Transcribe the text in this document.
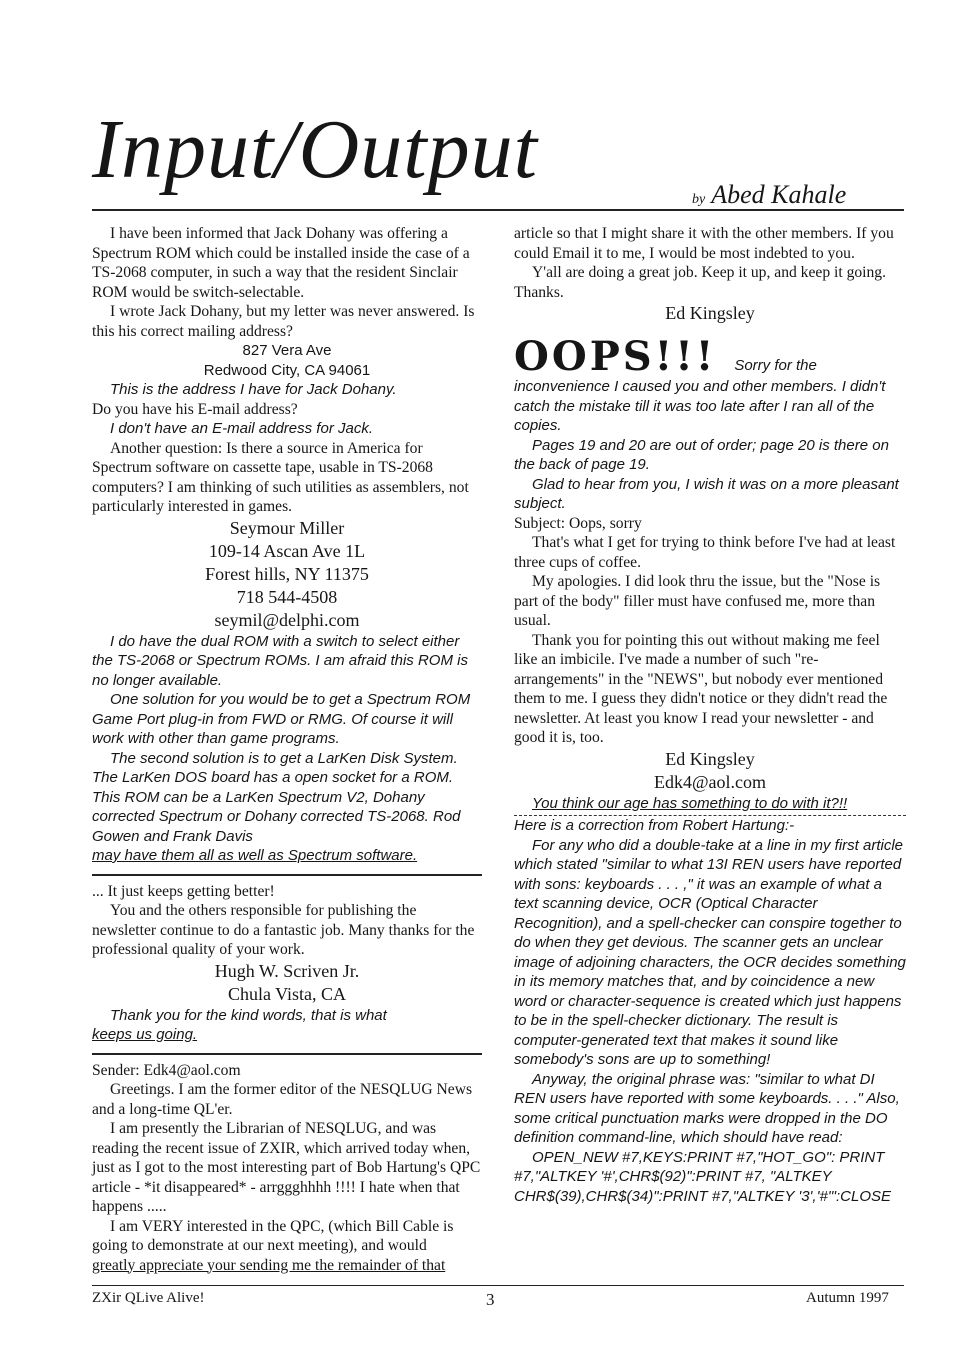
Input/Output
by Abed Kahale

I have been informed that Jack Dohany was offering a Spectrum ROM which could be installed inside the case of a TS-2068 computer, in such a way that the resident Sinclair ROM would be switch-selectable.

I wrote Jack Dohany, but my letter was never answered. Is this his correct mailing address?

827 Vera Ave

Redwood City, CA 94061

This is the address I have for Jack Dohany.

Do you have his E-mail address?

I don't have an E-mail address for Jack.

Another question: Is there a source in America for Spectrum software on cassette tape, usable in TS-2068 computers? I am thinking of such utilities as assemblers, not particularly interested in games.

Seymour Miller

109-14 Ascan Ave 1L

Forest hills, NY 11375

718 544-4508

seymil@delphi.com

I do have the dual ROM with a switch to select either the TS-2068 or Spectrum ROMs. I am afraid this ROM is no longer available.

One solution for you would be to get a Spectrum ROM Game Port plug-in from FWD or RMG. Of course it will work with other than game programs.

The second solution is to get a LarKen Disk System. The LarKen DOS board has a open socket for a ROM. This ROM can be a LarKen Spectrum V2, Dohany corrected Spectrum or Dohany corrected TS-2068. Rod Gowen and Frank Davis

may have them all as well as Spectrum software.

... It just keeps getting better!

You and the others responsible for publishing the newsletter continue to do a fantastic job. Many thanks for the professional quality of your work.

Hugh W. Scriven Jr.

Chula Vista, CA

Thank you for the kind words, that is what

keeps us going.

Sender: Edk4@aol.com

Greetings. I am the former editor of the NESQLUG News and a long-time QL'er.

I am presently the Librarian of NESQLUG, and was reading the recent issue of ZXIR, which arrived today when, just as I got to the most interesting part of Bob Hartung's QPC article - *it disappeared* - arrggghhhh !!!! I hate when that happens .....

I am VERY interested in the QPC, (which Bill Cable is going to demonstrate at our next meeting), and would

greatly appreciate your sending me the remainder of that

article so that I might share it with the other members. If you could Email it to me, I would be most indebted to you.

Y'all are doing a great job. Keep it up, and keep it going. Thanks.

Ed Kingsley

OOPS!!! Sorry for the

inconvenience I caused you and other members. I didn't catch the mistake till it was too late after I ran all of the copies.

Pages 19 and 20 are out of order; page 20 is there on the back of page 19.

Glad to hear from you, I wish it was on a more pleasant subject.

Subject: Oops, sorry

That's what I get for trying to think before I've had at least three cups of coffee.

My apologies. I did look thru the issue, but the "Nose is part of the body" filler must have confused me, more than usual.

Thank you for pointing this out without making me feel like an imbicile. I've made a number of such "re-arrangements" in the "NEWS", but nobody ever mentioned them to me. I guess they didn't notice or they didn't read the newsletter. At least you know I read your newsletter - and good it is, too.

Ed Kingsley

Edk4@aol.com

You think our age has something to do with it?!!

Here is a correction from Robert Hartung:-

For any who did a double-take at a line in my first article which stated "similar to what 13I REN users have reported with sons: keyboards . . . ," it was an example of what a text scanning device, OCR (Optical Character Recognition), and a spell-checker can conspire together to do when they get devious. The scanner gets an unclear image of adjoining characters, the OCR decides something in its memory matches that, and by coincidence a new word or character-sequence is created which just happens to be in the spell-checker dictionary. The result is computer-generated text that makes it sound like somebody's sons are up to something!

Anyway, the original phrase was: "similar to what DI REN users have reported with some keyboards. . . ." Also, some critical punctuation marks were dropped in the DO definition command-line, which should have read:

OPEN_NEW #7,KEYS:PRINT #7,"HOT_GO": PRINT #7,"ALTKEY '#',CHR$(92)":PRINT #7, "ALTKEY CHR$(39),CHR$(34)":PRINT #7,"ALTKEY '3','#'":CLOSE

ZXir QLive Alive!	3	Autumn 1997
